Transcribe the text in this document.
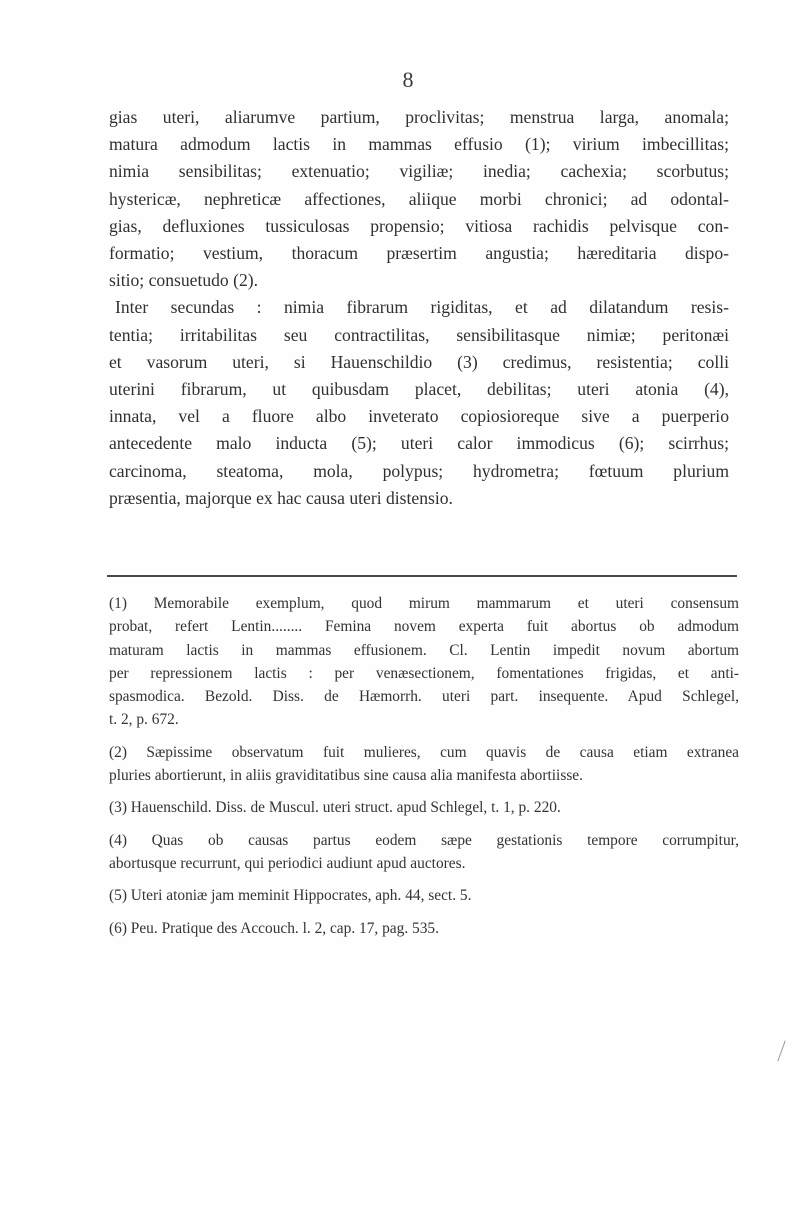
8
gias uteri, aliarumve partium, proclivitas; menstrua larga, anomala;
matura admodum lactis in mammas effusio (1); virium imbecillitas;
nimia sensibilitas; extenuatio; vigiliæ; inedia; cachexia; scorbutus;
hystericæ, nephreticæ affectiones, aliique morbi chronici; ad odontal-
gias, defluxiones tussiculosas propensio; vitiosa rachidis pelvisque con-
formatio; vestium, thoracum præsertim angustia; hæreditaria dispo-
sitio; consuetudo (2).
Inter secundas : nimia fibrarum rigiditas, et ad dilatandum resis-
tentia; irritabilitas seu contractilitas, sensibilitasque nimiæ; peritonæi
et vasorum uteri, si Hauenschildio (3) credimus, resistentia; colli
uterini fibrarum, ut quibusdam placet, debilitas; uteri atonia (4),
innata, vel a fluore albo inveterato copiosioreque sive a puerperio
antecedente malo inducta (5); uteri calor immodicus (6); scirrhus;
carcinoma, steatoma, mola, polypus; hydrometra; fœtuum plurium
præsentia, majorque ex hac causa uteri distensio.
(1) Memorabile exemplum, quod mirum mammarum et uteri consensum
probat, refert Lentin........ Femina novem experta fuit abortus ob admodum
maturam lactis in mammas effusionem. Cl. Lentin impedit novum abortum
per repressionem lactis : per venæsectionem, fomentationes frigidas, et anti-
spasmodica. Bezold. Diss. de Hæmorrh. uteri part. insequente. Apud Schlegel,
t. 2, p. 672.
(2) Sæpissime observatum fuit mulieres, cum quavis de causa etiam extranea
pluries abortierunt, in aliis graviditatibus sine causa alia manifesta abortiisse.
(3) Hauenschild. Diss. de Muscul. uteri struct. apud Schlegel, t. 1, p. 220.
(4) Quas ob causas partus eodem sæpe gestationis tempore corrumpitur,
abortusque recurrunt, qui periodici audiunt apud auctores.
(5) Uteri atoniæ jam meminit Hippocrates, aph. 44, sect. 5.
(6) Peu. Pratique des Accouch. l. 2, cap. 17, pag. 535.
